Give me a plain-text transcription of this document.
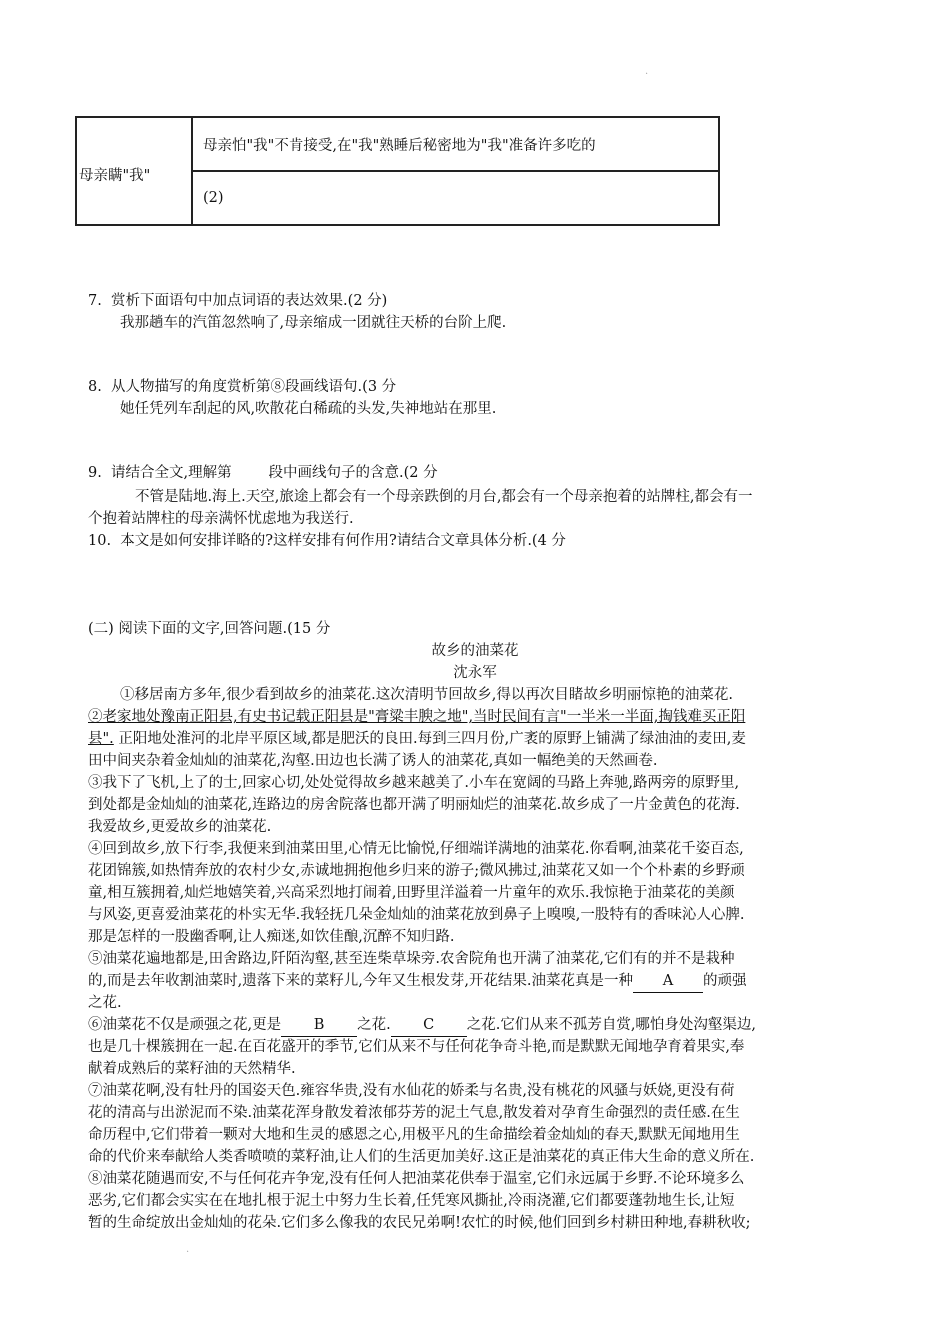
.
母亲瞒"我"	母亲怕"我"不肯接受,在"我"熟睡后秘密地为"我"准备许多吃的
(2)
7.  赏析下面语句中加点词语的表达效果.(2 分)
我那趟车的汽笛忽然响了,母亲缩成一团就往天桥的台阶上爬.
8.  从人物描写的角度赏析第⑧段画线语句.(3 分
她任凭列车刮起的风,吹散花白稀疏的头发,失神地站在那里.
9.  请结合全文,理解第        段中画线句子的含意.(2 分
不管是陆地.海上.天空,旅途上都会有一个母亲跌倒的月台,都会有一个母亲抱着的站牌柱,都会有一
个抱着站牌柱的母亲满怀忧虑地为我送行.
10.  本文是如何安排详略的?这样安排有何作用?请结合文章具体分析.(4 分
(二) 阅读下面的文字,回答问题.(15 分
故乡的油菜花
沈永军
①移居南方多年,很少看到故乡的油菜花.这次清明节回故乡,得以再次目睹故乡明丽惊艳的油菜花.
②老家地处豫南正阳县,有史书记载正阳县是"膏粱丰腴之地",当时民间有言"一半米一半面,掏钱难买正阳
县". 正阳地处淮河的北岸平原区域,都是肥沃的良田.每到三四月份,广袤的原野上铺满了绿油油的麦田,麦
田中间夹杂着金灿灿的油菜花,沟壑.田边也长满了诱人的油菜花,真如一幅绝美的天然画卷.
③我下了飞机,上了的士,回家心切,处处觉得故乡越来越美了.小车在宽阔的马路上奔驰,路两旁的原野里,
到处都是金灿灿的油菜花,连路边的房舍院落也都开满了明丽灿烂的油菜花.故乡成了一片金黄色的花海.
我爱故乡,更爱故乡的油菜花.
④回到故乡,放下行李,我便来到油菜田里,心情无比愉悦,仔细端详满地的油菜花.你看啊,油菜花千姿百态,
花团锦簇,如热情奔放的农村少女,赤诚地拥抱他乡归来的游子;微风拂过,油菜花又如一个个朴素的乡野顽
童,相互簇拥着,灿烂地嬉笑着,兴高采烈地打闹着,田野里洋溢着一片童年的欢乐.我惊艳于油菜花的美颜
与风姿,更喜爱油菜花的朴实无华.我轻抚几朵金灿灿的油菜花放到鼻子上嗅嗅,一股特有的香味沁人心脾.
那是怎样的一股幽香啊,让人痴迷,如饮佳酿,沉醉不知归路.
⑤油菜花遍地都是,田舍路边,阡陌沟壑,甚至连柴草垛旁.农舍院角也开满了油菜花,它们有的并不是栽种
的,而是去年收割油菜时,遗落下来的菜籽儿,今年又生根发芽,开花结果.油菜花真是一种 A 的顽强
之花.
⑥油菜花不仅是顽强之花,更是 B 之花. C 之花.它们从来不孤芳自赏,哪怕身处沟壑渠边,
也是几十棵簇拥在一起.在百花盛开的季节,它们从来不与任何花争奇斗艳,而是默默无闻地孕育着果实,奉
献着成熟后的菜籽油的天然精华.
⑦油菜花啊,没有牡丹的国姿天色.雍容华贵,没有水仙花的娇柔与名贵,没有桃花的风骚与妖娆,更没有荷
花的清高与出淤泥而不染.油菜花浑身散发着浓郁芬芳的泥土气息,散发着对孕育生命强烈的责任感.在生
命历程中,它们带着一颗对大地和生灵的感恩之心,用极平凡的生命描绘着金灿灿的春天,默默无闻地用生
命的代价来奉献给人类香喷喷的菜籽油,让人们的生活更加美好.这正是油菜花的真正伟大生命的意义所在.
⑧油菜花随遇而安,不与任何花卉争宠,没有任何人把油菜花供奉于温室,它们永远属于乡野.不论环境多么
恶劣,它们都会实实在在地扎根于泥土中努力生长着,任凭寒风撕扯,冷雨浇灌,它们都要蓬勃地生长,让短
暂的生命绽放出金灿灿的花朵.它们多么像我的农民兄弟啊!农忙的时候,他们回到乡村耕田种地,春耕秋收;
.
